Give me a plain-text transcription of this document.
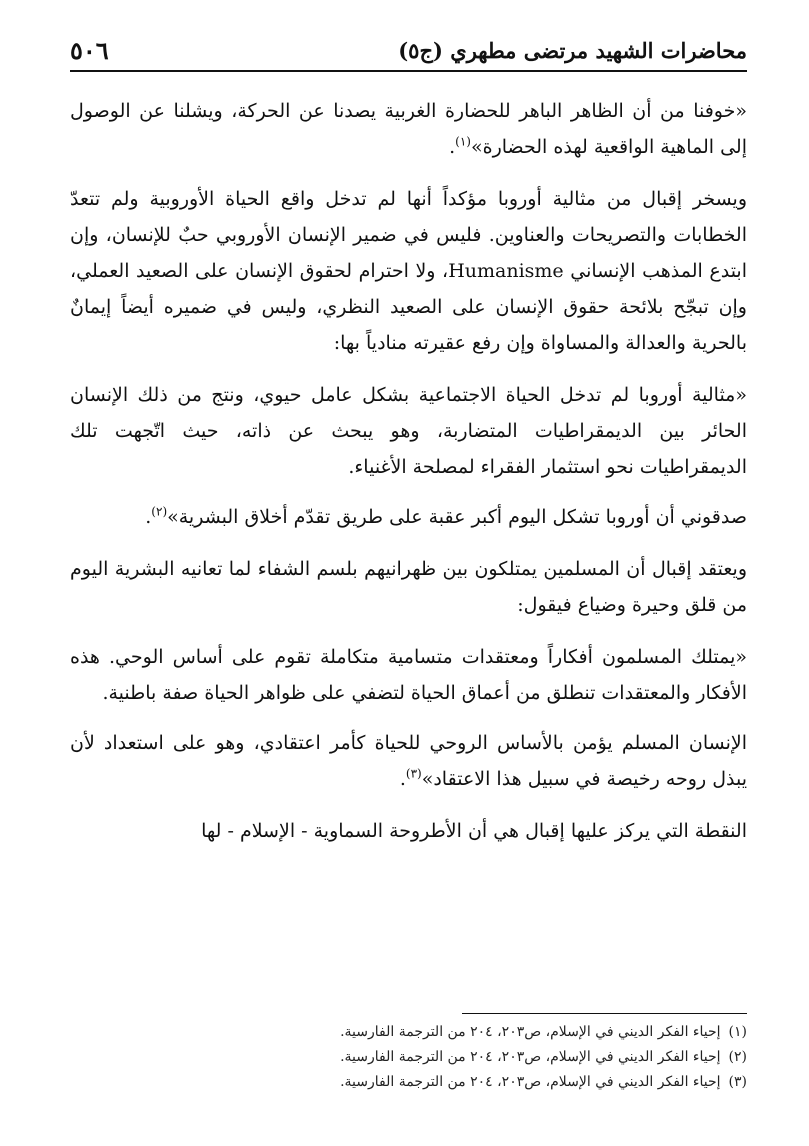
محاضرات الشهيد مرتضى مطهري (ج٥)
٥٠٦

«خوفنا من أن الظاهر الباهر للحضارة الغربية يصدنا عن الحركة، ويشلنا عن الوصول إلى الماهية الواقعية لهذه الحضارة»$^{(١)}$.

ويسخر إقبال من مثالية أوروبا مؤكداً أنها لم تدخل واقع الحياة الأوروبية ولم تتعدّ الخطابات والتصريحات والعناوين. فليس في ضمير الإنسان الأوروبي حبٌ للإنسان، وإن ابتدع المذهب الإنساني Humanisme، ولا احترام لحقوق الإنسان على الصعيد العملي، وإن تبجّح بلائحة حقوق الإنسان على الصعيد النظري، وليس في ضميره أيضاً إيمانٌ بالحرية والعدالة والمساواة وإن رفع عقيرته منادياً بها:

«مثالية أوروبا لم تدخل الحياة الاجتماعية بشكل عامل حيوي، ونتج من ذلك الإنسان الحائر بين الديمقراطيات المتضاربة، وهو يبحث عن ذاته، حيث اتّجهت تلك الديمقراطيات نحو استثمار الفقراء لمصلحة الأغنياء.

صدقوني أن أوروبا تشكل اليوم أكبر عقبة على طريق تقدّم أخلاق البشرية»$^{(٢)}$.

ويعتقد إقبال أن المسلمين يمتلكون بين ظهرانيهم بلسم الشفاء لما تعانيه البشرية اليوم من قلق وحيرة وضياع فيقول:

«يمتلك المسلمون أفكاراً ومعتقدات متسامية متكاملة تقوم على أساس الوحي. هذه الأفكار والمعتقدات تنطلق من أعماق الحياة لتضفي على ظواهر الحياة صفة باطنية.

الإنسان المسلم يؤمن بالأساس الروحي للحياة كأمر اعتقادي، وهو على استعداد لأن يبذل روحه رخيصة في سبيل هذا الاعتقاد»$^{(٣)}$.

النقطة التي يركز عليها إقبال هي أن الأطروحة السماوية - الإسلام - لها

(١)إحياء الفكر الديني في الإسلام، ص٢٠٣، ٢٠٤ من الترجمة الفارسية.
(٢)إحياء الفكر الديني في الإسلام، ص٢٠٣، ٢٠٤ من الترجمة الفارسية.
(٣)إحياء الفكر الديني في الإسلام، ص٢٠٣، ٢٠٤ من الترجمة الفارسية.
